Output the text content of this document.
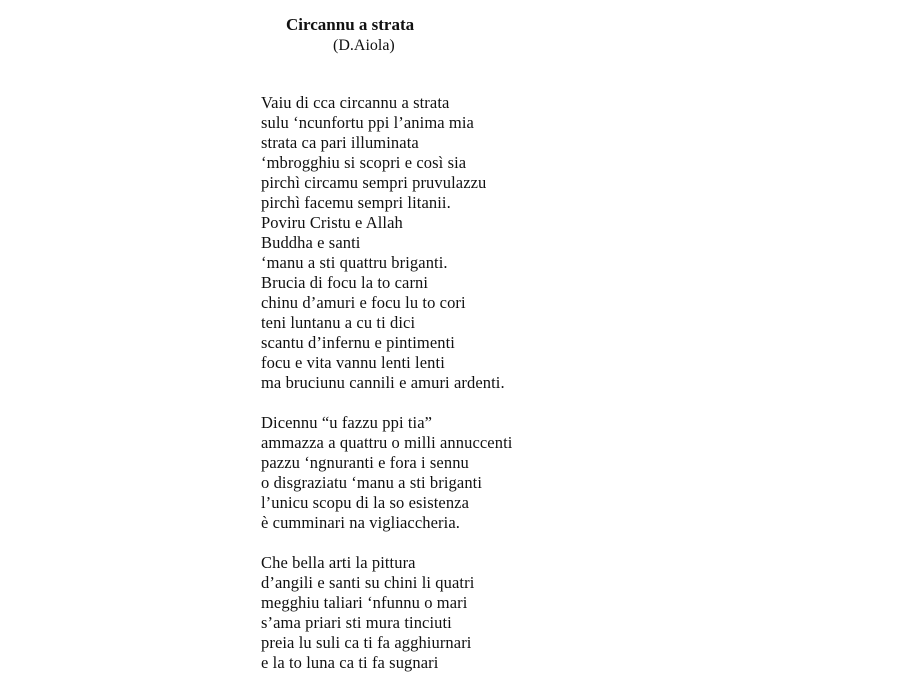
Circannu a strata
(D.Aiola)
Vaiu di cca circannu a strata
sulu ‘ncunfortu ppi l’anima mia
strata ca pari illuminata
‘mbrogghiu si scopri e così sia
pirchì circamu sempri pruvulazzu
pirchì facemu sempri litanii.
Poviru Cristu e Allah
Buddha e santi
‘manu a sti quattru briganti.
Brucia di focu la to carni
chinu d’amuri e focu lu to cori
teni luntanu a cu ti dici
scantu d’infernu e pintimenti
focu e vita vannu lenti lenti
ma bruciunu cannili e amuri ardenti.
Dicennu “u fazzu ppi tia”
ammazza a quattru o milli annuccenti
pazzu ‘ngnuranti e fora i sennu
o disgraziatu ‘manu a sti briganti
l’unicu scopu di la so esistenza
è cumminari na vigliaccheria.
Che bella arti la pittura
d’angili e santi su chini li quatri
megghiu taliari ‘nfunnu o mari
s’ama priari sti mura tinciuti
preia lu suli ca ti fa agghiurnari
e la to luna ca ti fa sugnari
